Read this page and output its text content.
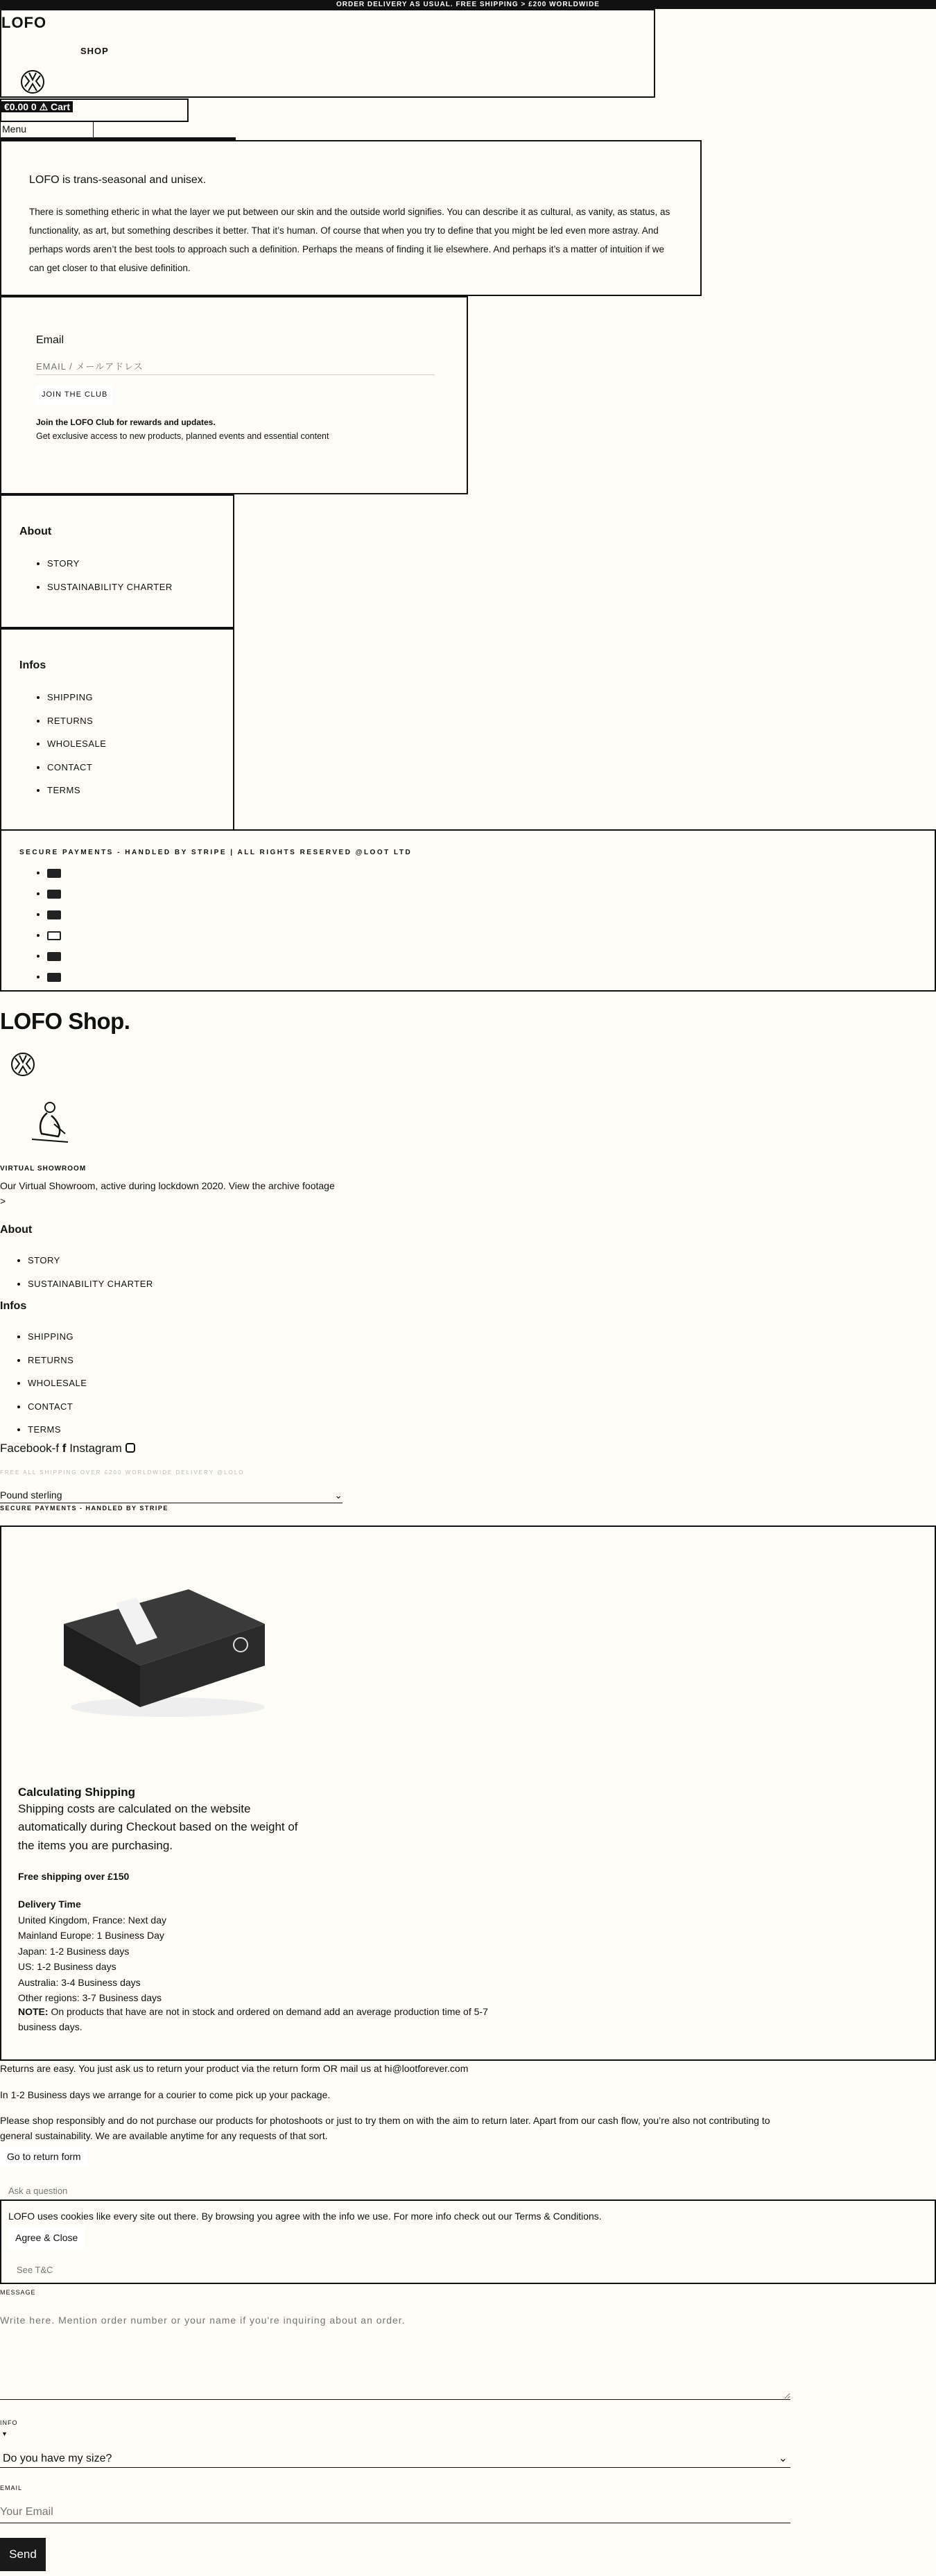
ORDER DELIVERY AS USUAL. FREE SHIPPING > £200 WORLDWIDE
LOFO
SHOP
€0.00 0 ⚠ Cart
Menu
LOFO is trans-seasonal and unisex.

There is something etheric in what the layer we put between our skin and the outside world signifies. You can describe it as cultural, as vanity, as status, as functionality, as art, but something describes it better. That it’s human. Of course that when you try to define that you might be led even more astray. And perhaps words aren’t the best tools to approach such a definition. Perhaps the means of finding it lie elsewhere. And perhaps it’s a matter of intuition if we can get closer to that elusive definition.

Email
EMAIL / メールアドレス
JOIN THE CLUB
Join the LOFO Club for rewards and updates.
Get exclusive access to new products, planned events and essential content
About
• STORY
• SUSTAINABILITY CHARTER
Infos
• SHIPPING
• RETURNS
• WHOLESALE
• CONTACT
• TERMS
SECURE PAYMENTS - HANDLED BY STRIPE | ALL RIGHTS RESERVED @LOOT LTD
•
•
•
•
•
•
LOFO Shop.
VIRTUAL SHOWROOM
Our Virtual Showroom, active during lockdown 2020. View the archive footage
>
About
• STORY
• SUSTAINABILITY CHARTER
Infos
• SHIPPING
• RETURNS
• WHOLESALE
• CONTACT
• TERMS
Facebook-f f Instagram
FREE ALL SHIPPING OVER £200 WORLDWIDE DELIVERY @LOLO
Pound sterling	⌄
SECURE PAYMENTS - HANDLED BY STRIPE
Calculating Shipping
Shipping costs are calculated on the website automatically during Checkout based on the weight of the items you are purchasing.
Free shipping over £150
Delivery Time
United Kingdom, France: Next day
Mainland Europe: 1 Business Day
Japan: 1-2 Business days
US: 1-2 Business days
Australia: 3-4 Business days
Other regions: 3-7 Business days
NOTE: On products that have are not in stock and ordered on demand add an average production time of 5-7 business days.
Returns are easy. You just ask us to return your product via the return form OR mail us at hi@lootforever.com
In 1-2 Business days we arrange for a courier to come pick up your package.
Please shop responsibly and do not purchase our products for photoshoots or just to try them on with the aim to return later. Apart from our cash flow, you’re also not contributing to general sustainability. We are available anytime for any requests of that sort.
Go to return form
Ask a question
LOFO uses cookies like every site out there. By browsing you agree with the info we use. For more info check out our Terms & Conditions.
Agree & Close
See T&C
MESSAGE
Write here. Mention order number or your name if you're inquiring about an order.
INFO
▼
Do you have my size?	⌄
EMAIL
Your Email
Send
